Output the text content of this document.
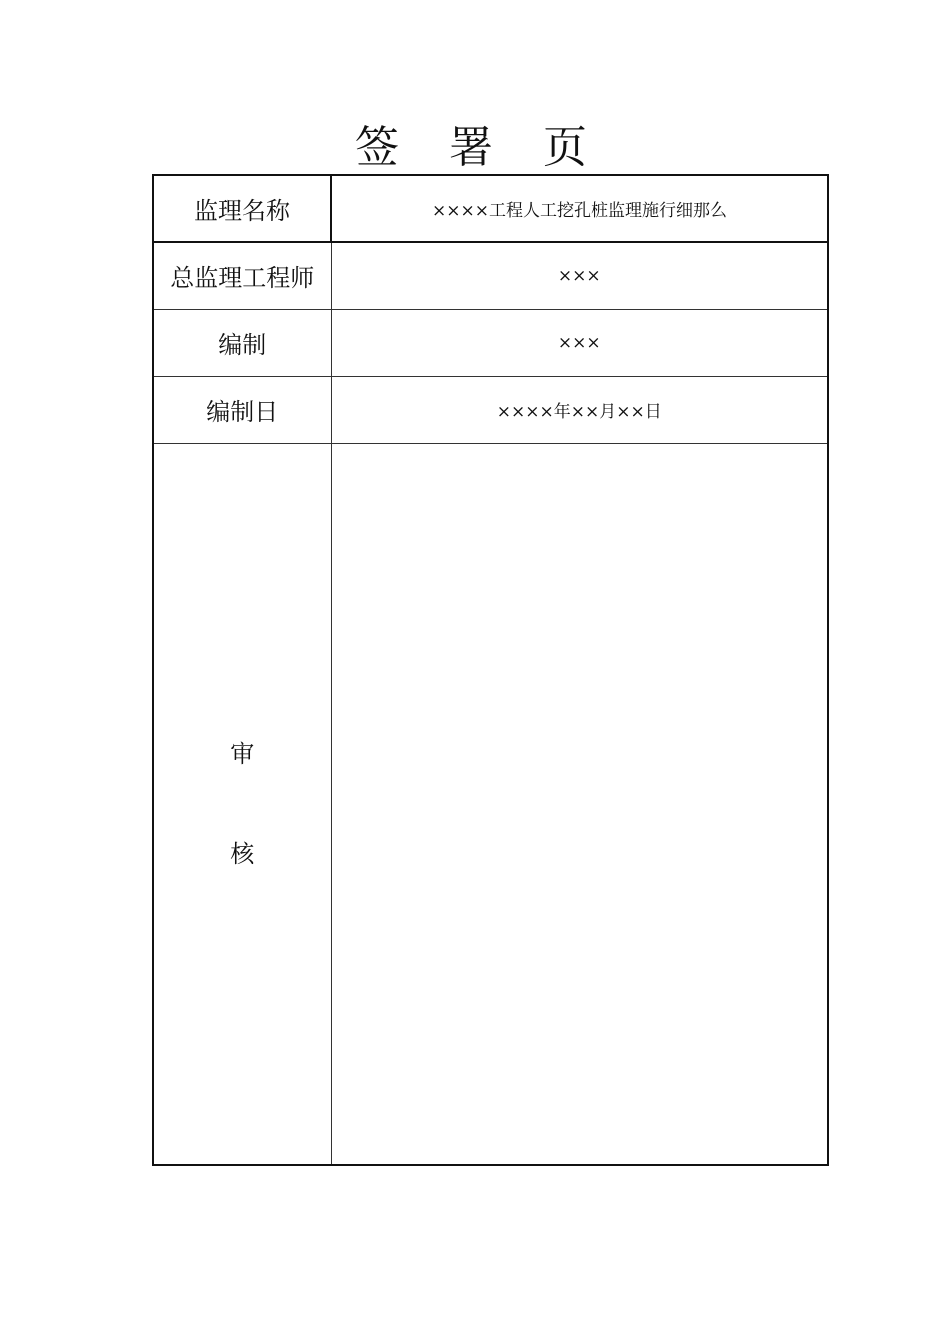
签 署 页
监理名称	××××工程人工挖孔桩监理施行细那么
总监理工程师	×××
编制	×××
编制日	××××年××月××日

审
核	
